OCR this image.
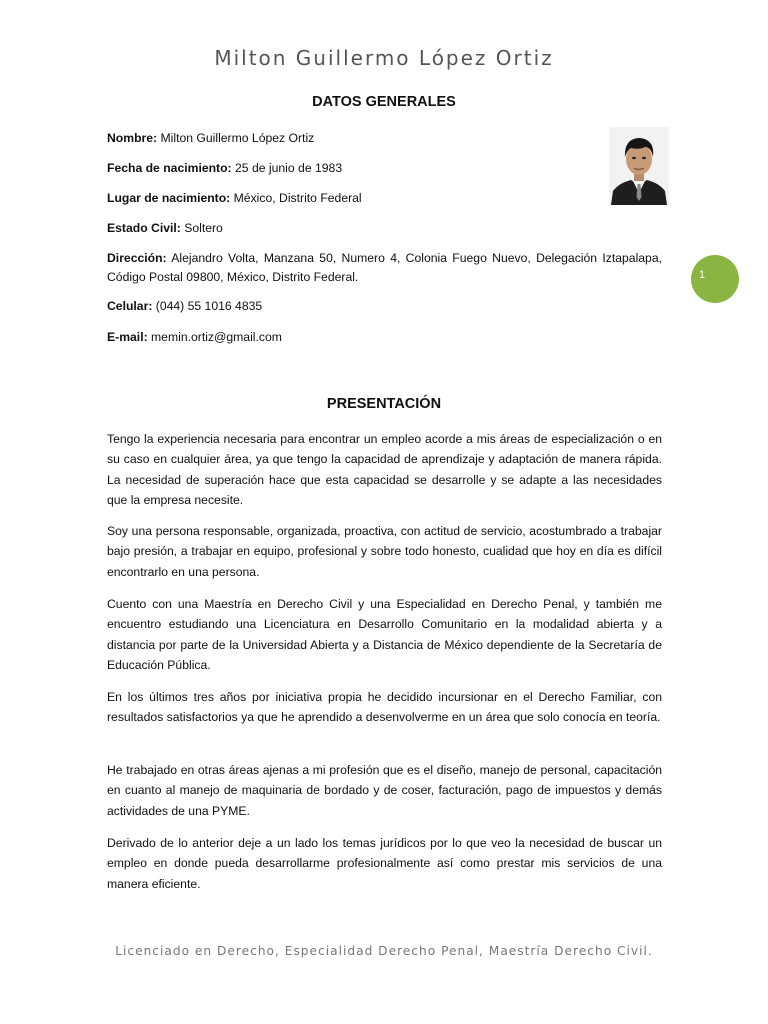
Milton Guillermo López Ortiz
DATOS GENERALES
Nombre: Milton Guillermo López Ortiz
Fecha de nacimiento: 25 de junio de 1983
Lugar de nacimiento: México, Distrito Federal
Estado Civil: Soltero
Dirección: Alejandro Volta, Manzana 50, Numero 4, Colonia Fuego Nuevo, Delegación Iztapalapa, Código Postal 09800, México, Distrito Federal.
Celular: (044) 55 1016 4835
E-mail: memin.ortiz@gmail.com
1
PRESENTACIÓN
Tengo la experiencia necesaria para encontrar un empleo acorde a mis áreas de especialización o en su caso en cualquier área, ya que tengo la capacidad de aprendizaje y adaptación de manera rápida. La necesidad de superación hace que esta capacidad se desarrolle y se adapte a las necesidades que la empresa necesite.
Soy una persona responsable, organizada, proactiva, con actitud de servicio, acostumbrado a trabajar bajo presión, a trabajar en equipo, profesional y sobre todo honesto, cualidad que hoy en día es difícil encontrarlo en una persona.
Cuento con una Maestría en Derecho Civil y una Especialidad en Derecho Penal, y también me encuentro estudiando una Licenciatura en Desarrollo Comunitario en la modalidad abierta y a distancia por parte de la Universidad Abierta y a Distancia de México dependiente de la Secretaría de Educación Pública.
En los últimos tres años por iniciativa propia he decidido incursionar en el Derecho Familiar, con resultados satisfactorios ya que he aprendido a desenvolverme en un área que solo conocía en teoría.
He trabajado en otras áreas ajenas a mi profesión que es el diseño, manejo de personal, capacitación en cuanto al manejo de maquinaria de bordado y de coser, facturación, pago de impuestos y demás actividades de una PYME.
Derivado de lo anterior deje a un lado los temas jurídicos por lo que veo la necesidad de buscar un empleo en donde pueda desarrollarme profesionalmente así como prestar mis servicios de una manera eficiente.
Licenciado en Derecho, Especialidad Derecho Penal, Maestría Derecho Civil.
